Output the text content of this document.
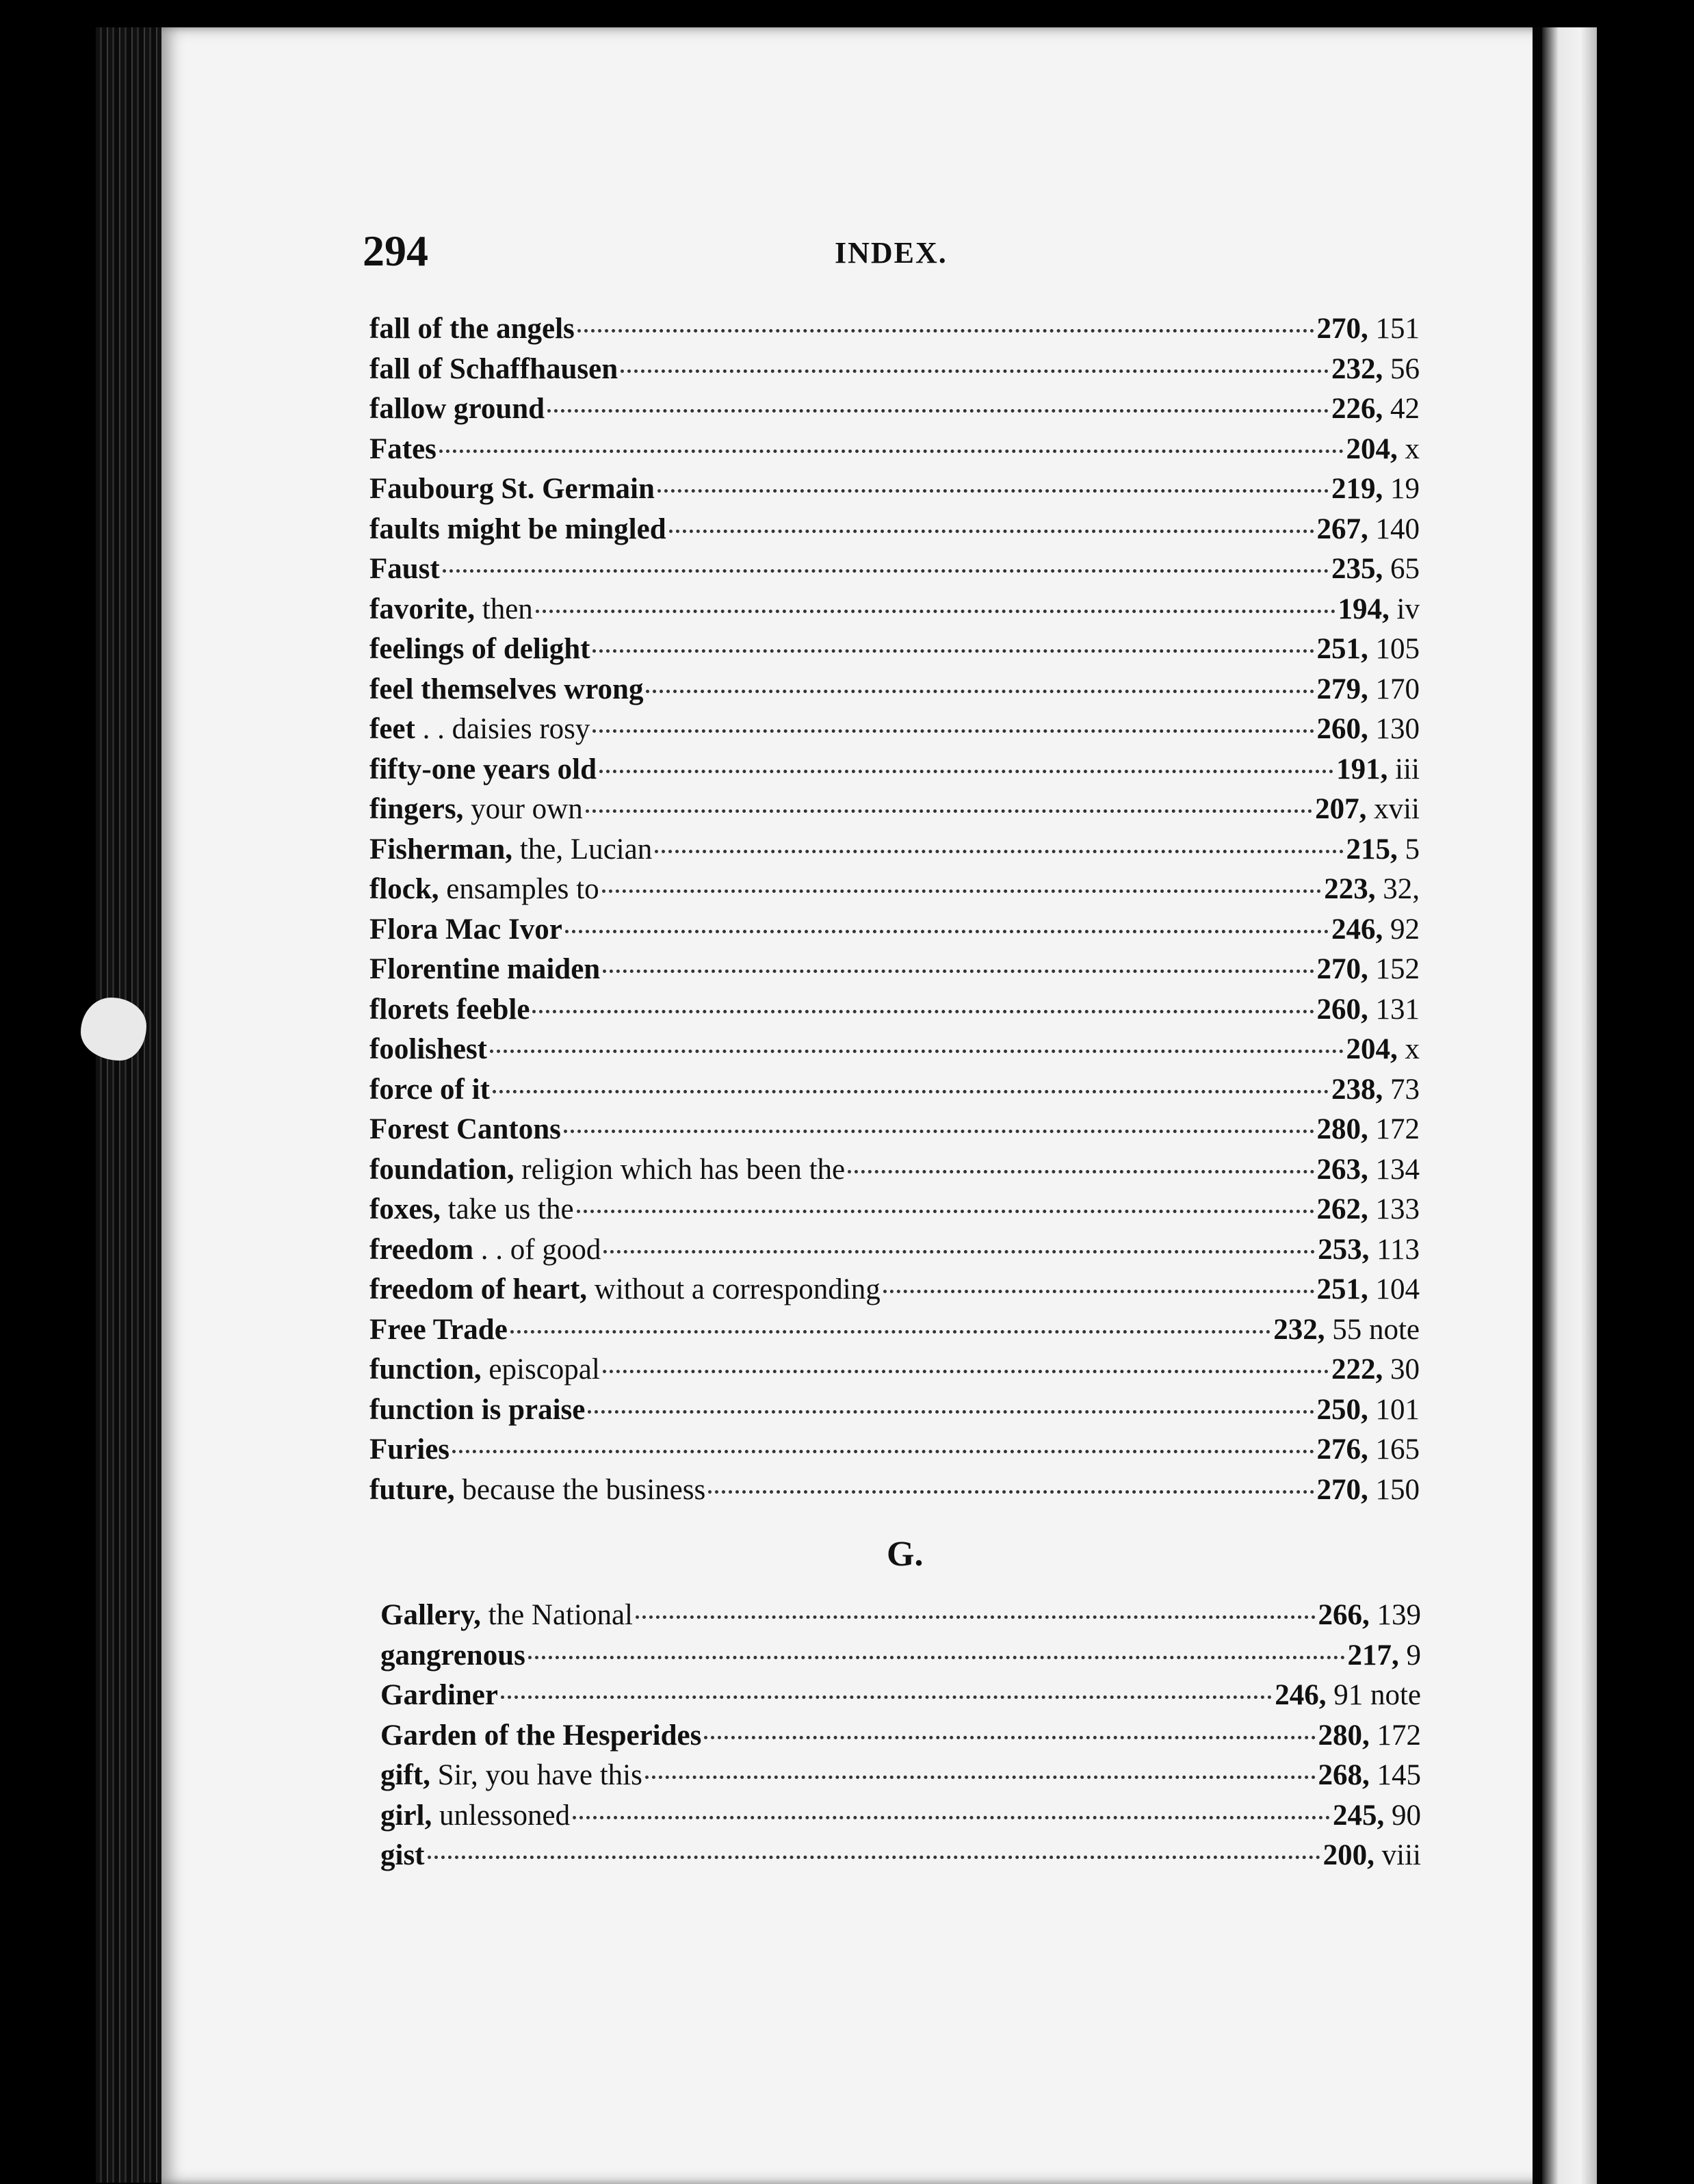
294	INDEX.
fall of the angels	270, 151
fall of Schaffhausen	232, 56
fallow ground	226, 42
Fates	204, x
Faubourg St. Germain	219, 19
faults might be mingled	267, 140
Faust	235, 65
favorite, then	194, iv
feelings of delight	251, 105
feel themselves wrong	279, 170
feet . . daisies rosy	260, 130
fifty-one years old	191, iii
fingers, your own	207, xvii
Fisherman, the, Lucian	215, 5
flock, ensamples to	223, 32,
Flora Mac Ivor	246, 92
Florentine maiden	270, 152
florets feeble	260, 131
foolishest	204, x
force of it	238, 73
Forest Cantons	280, 172
foundation, religion which has been the	263, 134
foxes, take us the	262, 133
freedom . . of good	253, 113
freedom of heart, without a corresponding	251, 104
Free Trade	232, 55 note
function, episcopal	222, 30
function is praise	250, 101
Furies	276, 165
future, because the business	270, 150
G.
Gallery, the National	266, 139
gangrenous	217, 9
Gardiner	246, 91 note
Garden of the Hesperides	280, 172
gift, Sir, you have this	268, 145
girl, unlessoned	245, 90
gist	200, viii
